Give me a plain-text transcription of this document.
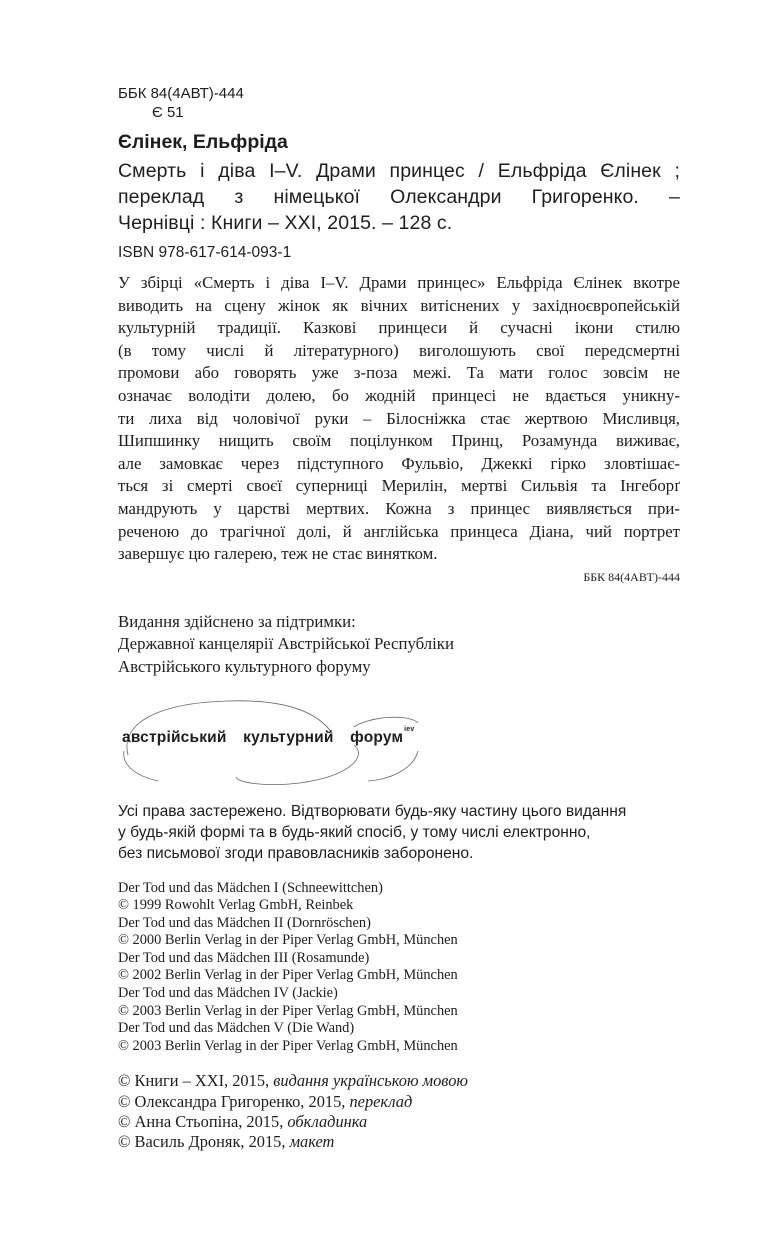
ББК 84(4АВТ)-444
Є 51
Єлінек, Ельфріда
Смерть і діва I–V. Драми принцес / Ельфріда Єлінек ;
переклад з німецької Олександри Григоренко. –
Чернівці : Книги – XXI, 2015. – 128 с.
ISBN 978-617-614-093-1
У збірці «Смерть і діва I–V. Драми принцес» Ельфріда Єлінек вкотре
виводить на сцену жінок як вічних витіснених у західноєвропейській
культурній традиції. Казкові принцеси й сучасні ікони стилю
(в тому числі й літературного) виголошують свої передсмертні
промови або говорять уже з-поза межі. Та мати голос зовсім не
означає володіти долею, бо жодній принцесі не вдається уникну-
ти лиха від чоловічої руки – Білосніжка стає жертвою Мисливця,
Шипшинку нищить своїм поцілунком Принц, Розамунда виживає,
але замовкає через підступного Фульвіо, Джеккі гірко зловтішає-
ться зі смерті своєї суперниці Мерилін, мертві Сильвія та Інгеборґ
мандрують у царстві мертвих. Кожна з принцес виявляється при-
реченою до трагічної долі, й англійська принцеса Діана, чий портрет
завершує цю галерею, теж не стає винятком.
ББК 84(4АВТ)-444
Видання здійснено за підтримки:
Державної канцелярії Австрійської Республіки
Австрійського культурного форуму
австрійський культурний форум$^{іеv}$
Усі права застережено. Відтворювати будь-яку частину цього видання
у будь-якій формі та в будь-який спосіб, у тому числі електронно,
без письмової згоди правовласників заборонено.
Der Tod und das Mädchen I (Schneewittchen)
© 1999 Rowohlt Verlag GmbH, Reinbek
Der Tod und das Mädchen II (Dornröschen)
© 2000 Berlin Verlag in der Piper Verlag GmbH, München
Der Tod und das Mädchen III (Rosamunde)
© 2002 Berlin Verlag in der Piper Verlag GmbH, München
Der Tod und das Mädchen IV (Jackie)
© 2003 Berlin Verlag in der Piper Verlag GmbH, München
Der Tod und das Mädchen V (Die Wand)
© 2003 Berlin Verlag in der Piper Verlag GmbH, München
© Книги – XXI, 2015, видання українською мовою
© Олександра Григоренко, 2015, переклад
© Анна Стьопіна, 2015, обкладинка
© Василь Дроняк, 2015, макет
